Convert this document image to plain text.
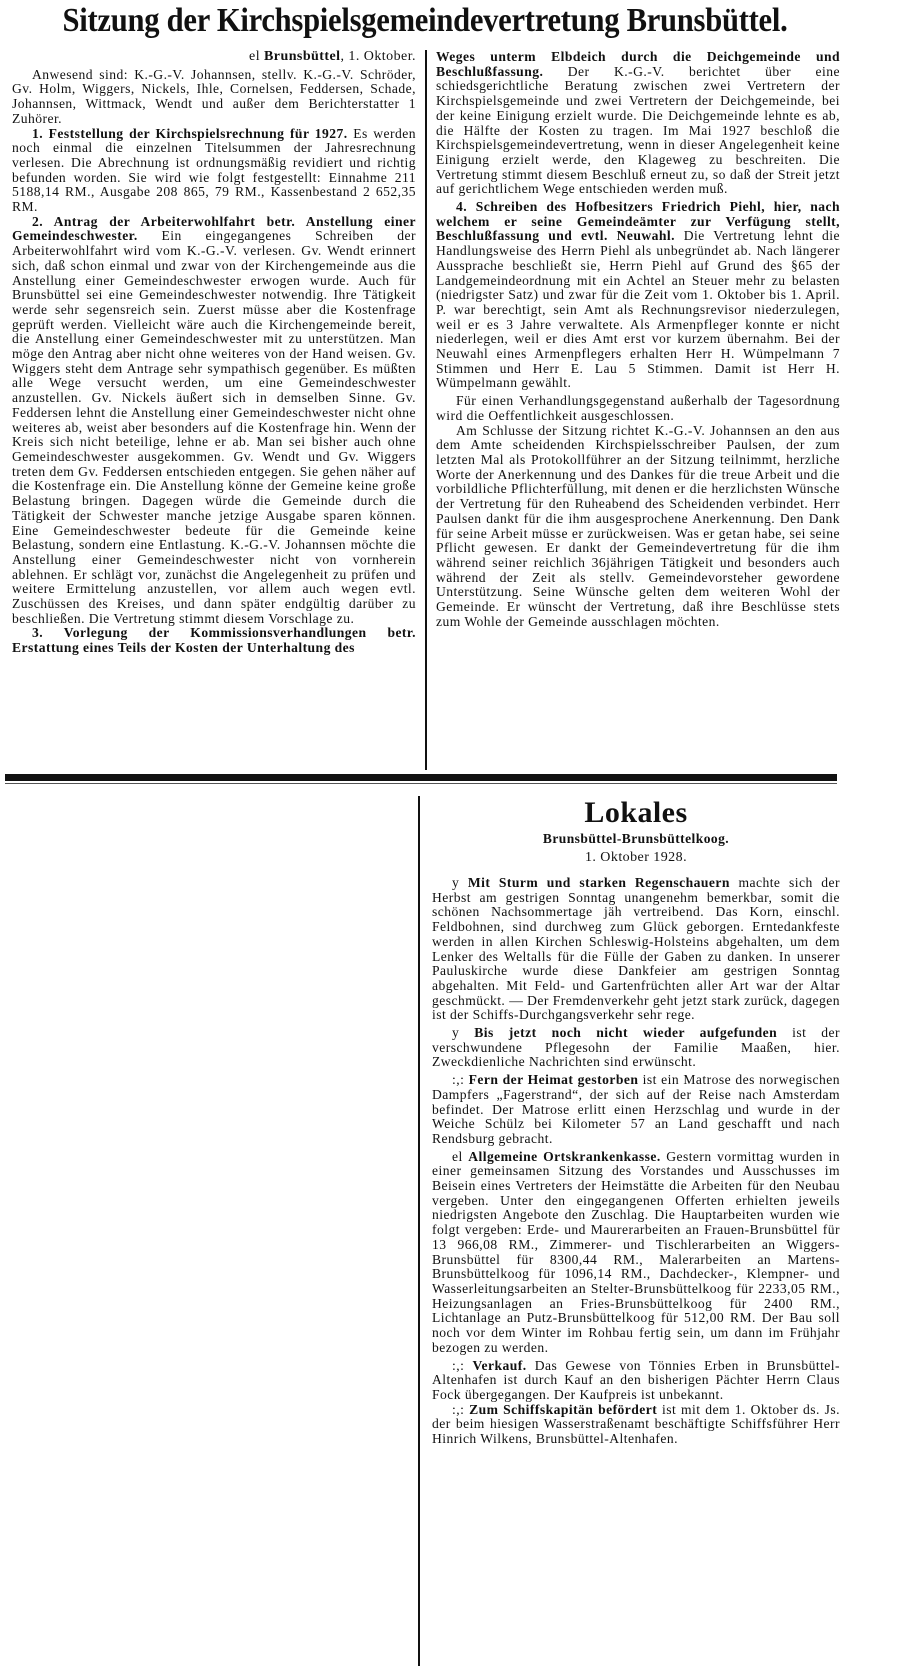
Sitzung der Kirchspielsgemeindevertretung Brunsbüttel.

el Brunsbüttel, 1. Oktober.

Anwesend sind: K.-G.-V. Johannsen, stellv. K.-G.-V. Schröder, Gv. Holm, Wiggers, Nickels, Ihle, Cornelsen, Feddersen, Schade, Johannsen, Wittmack, Wendt und außer dem Berichterstatter 1 Zuhörer.

1. Feststellung der Kirchspielsrechnung für 1927. Es werden noch einmal die einzelnen Titelsummen der Jahresrechnung verlesen. Die Abrechnung ist ordnungsmäßig revidiert und richtig befunden worden. Sie wird wie folgt festgestellt: Einnahme 211 5188,14 RM., Ausgabe 208 865, 79 RM., Kassenbestand 2 652,35 RM.

2. Antrag der Arbeiterwohlfahrt betr. Anstellung einer Gemeindeschwester. Ein eingegangenes Schreiben der Arbeiterwohlfahrt wird vom K.-G.-V. verlesen. Gv. Wendt erinnert sich, daß schon einmal und zwar von der Kirchengemeinde aus die Anstellung einer Gemeindeschwester erwogen wurde. Auch für Brunsbüttel sei eine Gemeindeschwester notwendig. Ihre Tätigkeit werde sehr segensreich sein. Zuerst müsse aber die Kostenfrage geprüft werden. Vielleicht wäre auch die Kirchengemeinde bereit, die Anstellung einer Gemeindeschwester mit zu unterstützen. Man möge den Antrag aber nicht ohne weiteres von der Hand weisen. Gv. Wiggers steht dem Antrage sehr sympathisch gegenüber. Es müßten alle Wege versucht werden, um eine Gemeindeschwester anzustellen. Gv. Nickels äußert sich in demselben Sinne. Gv. Feddersen lehnt die Anstellung einer Gemeindeschwester nicht ohne weiteres ab, weist aber besonders auf die Kostenfrage hin. Wenn der Kreis sich nicht beteilige, lehne er ab. Man sei bisher auch ohne Gemeindeschwester ausgekommen. Gv. Wendt und Gv. Wiggers treten dem Gv. Feddersen entschieden entgegen. Sie gehen näher auf die Kostenfrage ein. Die Anstellung könne der Gemeine keine große Belastung bringen. Dagegen würde die Gemeinde durch die Tätigkeit der Schwester manche jetzige Ausgabe sparen können. Eine Gemeindeschwester bedeute für die Gemeinde keine Belastung, sondern eine Entlastung. K.-G.-V. Johannsen möchte die Anstellung einer Gemeindeschwester nicht von vornherein ablehnen. Er schlägt vor, zunächst die Angelegenheit zu prüfen und weitere Ermittelung anzustellen, vor allem auch wegen evtl. Zuschüssen des Kreises, und dann später endgültig darüber zu beschließen. Die Vertretung stimmt diesem Vorschlage zu.

3. Vorlegung der Kommissionsverhandlungen betr. Erstattung eines Teils der Kosten der Unterhaltung des

Weges unterm Elbdeich durch die Deichgemeinde und Beschlußfassung. Der K.-G.-V. berichtet über eine schiedsgerichtliche Beratung zwischen zwei Vertretern der Kirchspielsgemeinde und zwei Vertretern der Deichgemeinde, bei der keine Einigung erzielt wurde. Die Deichgemeinde lehnte es ab, die Hälfte der Kosten zu tragen. Im Mai 1927 beschloß die Kirchspielsgemeindevertretung, wenn in dieser Angelegenheit keine Einigung erzielt werde, den Klageweg zu beschreiten. Die Vertretung stimmt diesem Beschluß erneut zu, so daß der Streit jetzt auf gerichtlichem Wege entschieden werden muß.

4. Schreiben des Hofbesitzers Friedrich Piehl, hier, nach welchem er seine Gemeindeämter zur Verfügung stellt, Beschlußfassung und evtl. Neuwahl. Die Vertretung lehnt die Handlungsweise des Herrn Piehl als unbegründet ab. Nach längerer Aussprache beschließt sie, Herrn Piehl auf Grund des §65 der Landgemeindeordnung mit ein Achtel an Steuer mehr zu belasten (niedrigster Satz) und zwar für die Zeit vom 1. Oktober bis 1. April. P. war berechtigt, sein Amt als Rechnungsrevisor niederzulegen, weil er es 3 Jahre verwaltete. Als Armenpfleger konnte er nicht niederlegen, weil er dies Amt erst vor kurzem übernahm. Bei der Neuwahl eines Armenpflegers erhalten Herr H. Wümpelmann 7 Stimmen und Herr E. Lau 5 Stimmen. Damit ist Herr H. Wümpelmann gewählt.

Für einen Verhandlungsgegenstand außerhalb der Tagesordnung wird die Oeffentlichkeit ausgeschlossen.

Am Schlusse der Sitzung richtet K.-G.-V. Johannsen an den aus dem Amte scheidenden Kirchspielsschreiber Paulsen, der zum letzten Mal als Protokollführer an der Sitzung teilnimmt, herzliche Worte der Anerkennung und des Dankes für die treue Arbeit und die vorbildliche Pflichterfüllung, mit denen er die herzlichsten Wünsche der Vertretung für den Ruheabend des Scheidenden verbindet. Herr Paulsen dankt für die ihm ausgesprochene Anerkennung. Den Dank für seine Arbeit müsse er zurückweisen. Was er getan habe, sei seine Pflicht gewesen. Er dankt der Gemeindevertretung für die ihm während seiner reichlich 36jährigen Tätigkeit und besonders auch während der Zeit als stellv. Gemeindevorsteher gewordene Unterstützung. Seine Wünsche gelten dem weiteren Wohl der Gemeinde. Er wünscht der Vertretung, daß ihre Beschlüsse stets zum Wohle der Gemeinde ausschlagen möchten.

Lokales

Brunsbüttel-Brunsbüttelkoog.

1. Oktober 1928.

y Mit Sturm und starken Regenschauern machte sich der Herbst am gestrigen Sonntag unangenehm bemerkbar, somit die schönen Nachsommertage jäh vertreibend. Das Korn, einschl. Feldbohnen, sind durchweg zum Glück geborgen. Erntedankfeste werden in allen Kirchen Schleswig-Holsteins abgehalten, um dem Lenker des Weltalls für die Fülle der Gaben zu danken. In unserer Pauluskirche wurde diese Dankfeier am gestrigen Sonntag abgehalten. Mit Feld- und Gartenfrüchten aller Art war der Altar geschmückt. — Der Fremdenverkehr geht jetzt stark zurück, dagegen ist der Schiffs-Durchgangsverkehr sehr rege.

y Bis jetzt noch nicht wieder aufgefunden ist der verschwundene Pflegesohn der Familie Maaßen, hier. Zweckdienliche Nachrichten sind erwünscht.

:,: Fern der Heimat gestorben ist ein Matrose des norwegischen Dampfers „Fagerstrand“, der sich auf der Reise nach Amsterdam befindet. Der Matrose erlitt einen Herzschlag und wurde in der Weiche Schülz bei Kilometer 57 an Land geschafft und nach Rendsburg gebracht.

el Allgemeine Ortskrankenkasse. Gestern vormittag wurden in einer gemeinsamen Sitzung des Vorstandes und Ausschusses im Beisein eines Vertreters der Heimstätte die Arbeiten für den Neubau vergeben. Unter den eingegangenen Offerten erhielten jeweils niedrigsten Angebote den Zuschlag. Die Hauptarbeiten wurden wie folgt vergeben: Erde- und Maurerarbeiten an Frauen-Brunsbüttel für 13 966,08 RM., Zimmerer- und Tischlerarbeiten an Wiggers-Brunsbüttel für 8300,44 RM., Malerarbeiten an Martens-Brunsbüttelkoog für 1096,14 RM., Dachdecker-, Klempner- und Wasserleitungsarbeiten an Stelter-Brunsbüttelkoog für 2233,05 RM., Heizungsanlagen an Fries-Brunsbüttelkoog für 2400 RM., Lichtanlage an Putz-Brunsbüttelkoog für 512,00 RM. Der Bau soll noch vor dem Winter im Rohbau fertig sein, um dann im Frühjahr bezogen zu werden.

:,: Verkauf. Das Gewese von Tönnies Erben in Brunsbüttel-Altenhafen ist durch Kauf an den bisherigen Pächter Herrn Claus Fock übergegangen. Der Kaufpreis ist unbekannt.

:,: Zum Schiffskapitän befördert ist mit dem 1. Oktober ds. Js. der beim hiesigen Wasserstraßenamt beschäftigte Schiffsführer Herr Hinrich Wilkens, Brunsbüttel-Altenhafen.
